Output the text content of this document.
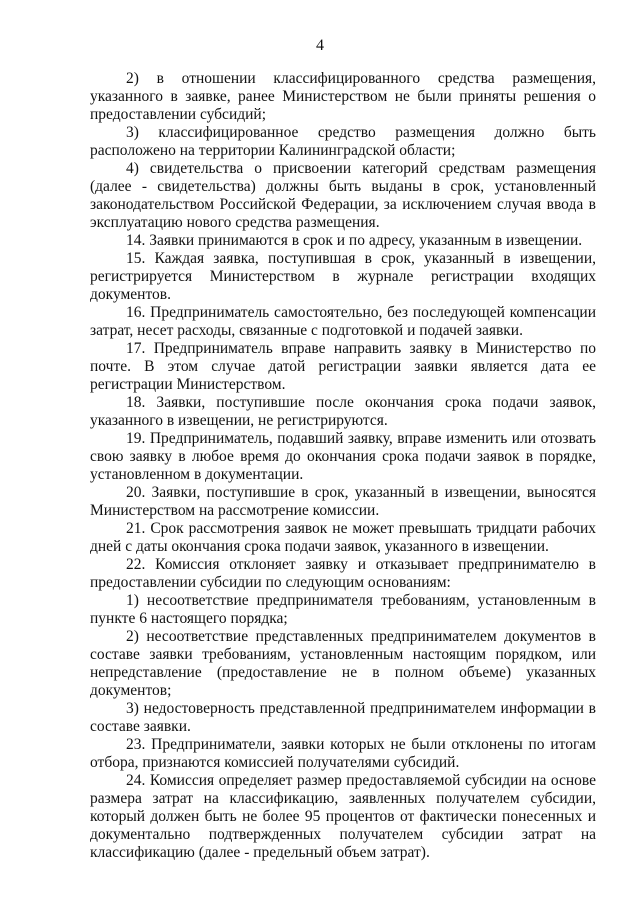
4

2) в отношении классифицированного средства размещения, указанного в заявке, ранее Министерством не были приняты решения о предоставлении субсидий;

3) классифицированное средство размещения должно быть расположено на территории Калининградской области;

4) свидетельства о присвоении категорий средствам размещения (далее - свидетельства) должны быть выданы в срок, установленный законодательством Российской Федерации, за исключением случая ввода в эксплуатацию нового средства размещения.

14. Заявки принимаются в срок и по адресу, указанным в извещении.

15. Каждая заявка, поступившая в срок, указанный в извещении, регистрируется Министерством в журнале регистрации входящих документов.

16. Предприниматель самостоятельно, без последующей компенсации затрат, несет расходы, связанные с подготовкой и подачей заявки.

17. Предприниматель вправе направить заявку в Министерство по почте. В этом случае датой регистрации заявки является дата ее регистрации Министерством.

18. Заявки, поступившие после окончания срока подачи заявок, указанного в извещении, не регистрируются.

19. Предприниматель, подавший заявку, вправе изменить или отозвать свою заявку в любое время до окончания срока подачи заявок в порядке, установленном в документации.

20. Заявки, поступившие в срок, указанный в извещении, выносятся Министерством на рассмотрение комиссии.

21. Срок рассмотрения заявок не может превышать тридцати рабочих дней с даты окончания срока подачи заявок, указанного в извещении.

22. Комиссия отклоняет заявку и отказывает предпринимателю в предоставлении субсидии по следующим основаниям:

1) несоответствие предпринимателя требованиям, установленным в пункте 6 настоящего порядка;

2) несоответствие представленных предпринимателем документов в составе заявки требованиям, установленным настоящим порядком, или непредставление (предоставление не в полном объеме) указанных документов;

3) недостоверность представленной предпринимателем информации в составе заявки.

23. Предприниматели, заявки которых не были отклонены по итогам отбора, признаются комиссией получателями субсидий.

24. Комиссия определяет размер предоставляемой субсидии на основе размера затрат на классификацию, заявленных получателем субсидии, который должен быть не более 95 процентов от фактически понесенных и документально подтвержденных получателем субсидии затрат на классификацию (далее - предельный объем затрат).
